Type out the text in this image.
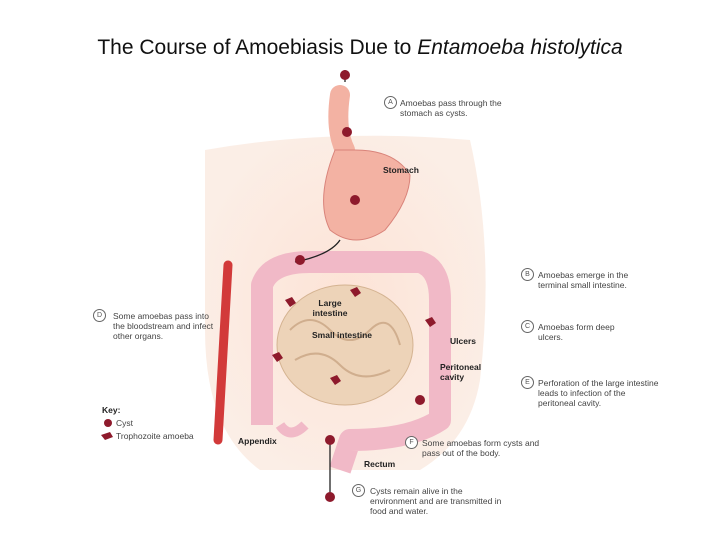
The Course of Amoebiasis Due to Entamoeba histolytica
Stomach
Large intestine
Small intestine
Ulcers
Peritoneal cavity
Appendix
Rectum
A Amoebas pass through the stomach as cysts.
B Amoebas emerge in the terminal small intestine.
C Amoebas form deep ulcers.
D	Some amoebas pass into the bloodstream and infect other organs.
E Perforation of the large intestine leads to infection of the peritoneal cavity.
F Some amoebas form cysts and pass out of the body.
G	Cysts remain alive in the environment and are transmitted in food and water.
Key:
Cyst
Trophozoite amoeba
